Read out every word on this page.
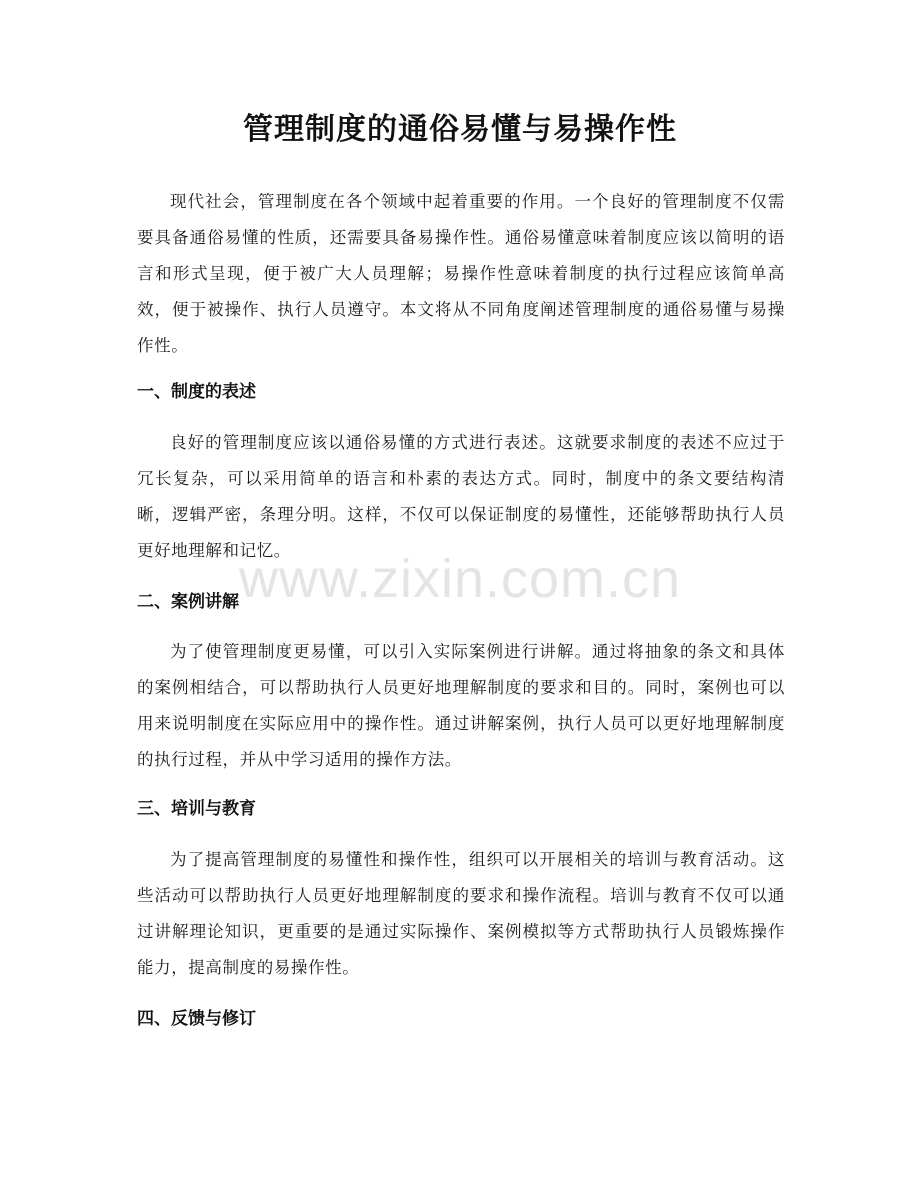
管理制度的通俗易懂与易操作性

现代社会，管理制度在各个领域中起着重要的作用。一个良好的管理制度不仅需要具备通俗易懂的性质，还需要具备易操作性。通俗易懂意味着制度应该以简明的语言和形式呈现，便于被广大人员理解；易操作性意味着制度的执行过程应该简单高效，便于被操作、执行人员遵守。本文将从不同角度阐述管理制度的通俗易懂与易操作性。

一、制度的表述

良好的管理制度应该以通俗易懂的方式进行表述。这就要求制度的表述不应过于冗长复杂，可以采用简单的语言和朴素的表达方式。同时，制度中的条文要结构清晰，逻辑严密，条理分明。这样，不仅可以保证制度的易懂性，还能够帮助执行人员更好地理解和记忆。

二、案例讲解

为了使管理制度更易懂，可以引入实际案例进行讲解。通过将抽象的条文和具体的案例相结合，可以帮助执行人员更好地理解制度的要求和目的。同时，案例也可以用来说明制度在实际应用中的操作性。通过讲解案例，执行人员可以更好地理解制度的执行过程，并从中学习适用的操作方法。

三、培训与教育

为了提高管理制度的易懂性和操作性，组织可以开展相关的培训与教育活动。这些活动可以帮助执行人员更好地理解制度的要求和操作流程。培训与教育不仅可以通过讲解理论知识，更重要的是通过实际操作、案例模拟等方式帮助执行人员锻炼操作能力，提高制度的易操作性。

四、反馈与修订
www.zixin.com.cn
